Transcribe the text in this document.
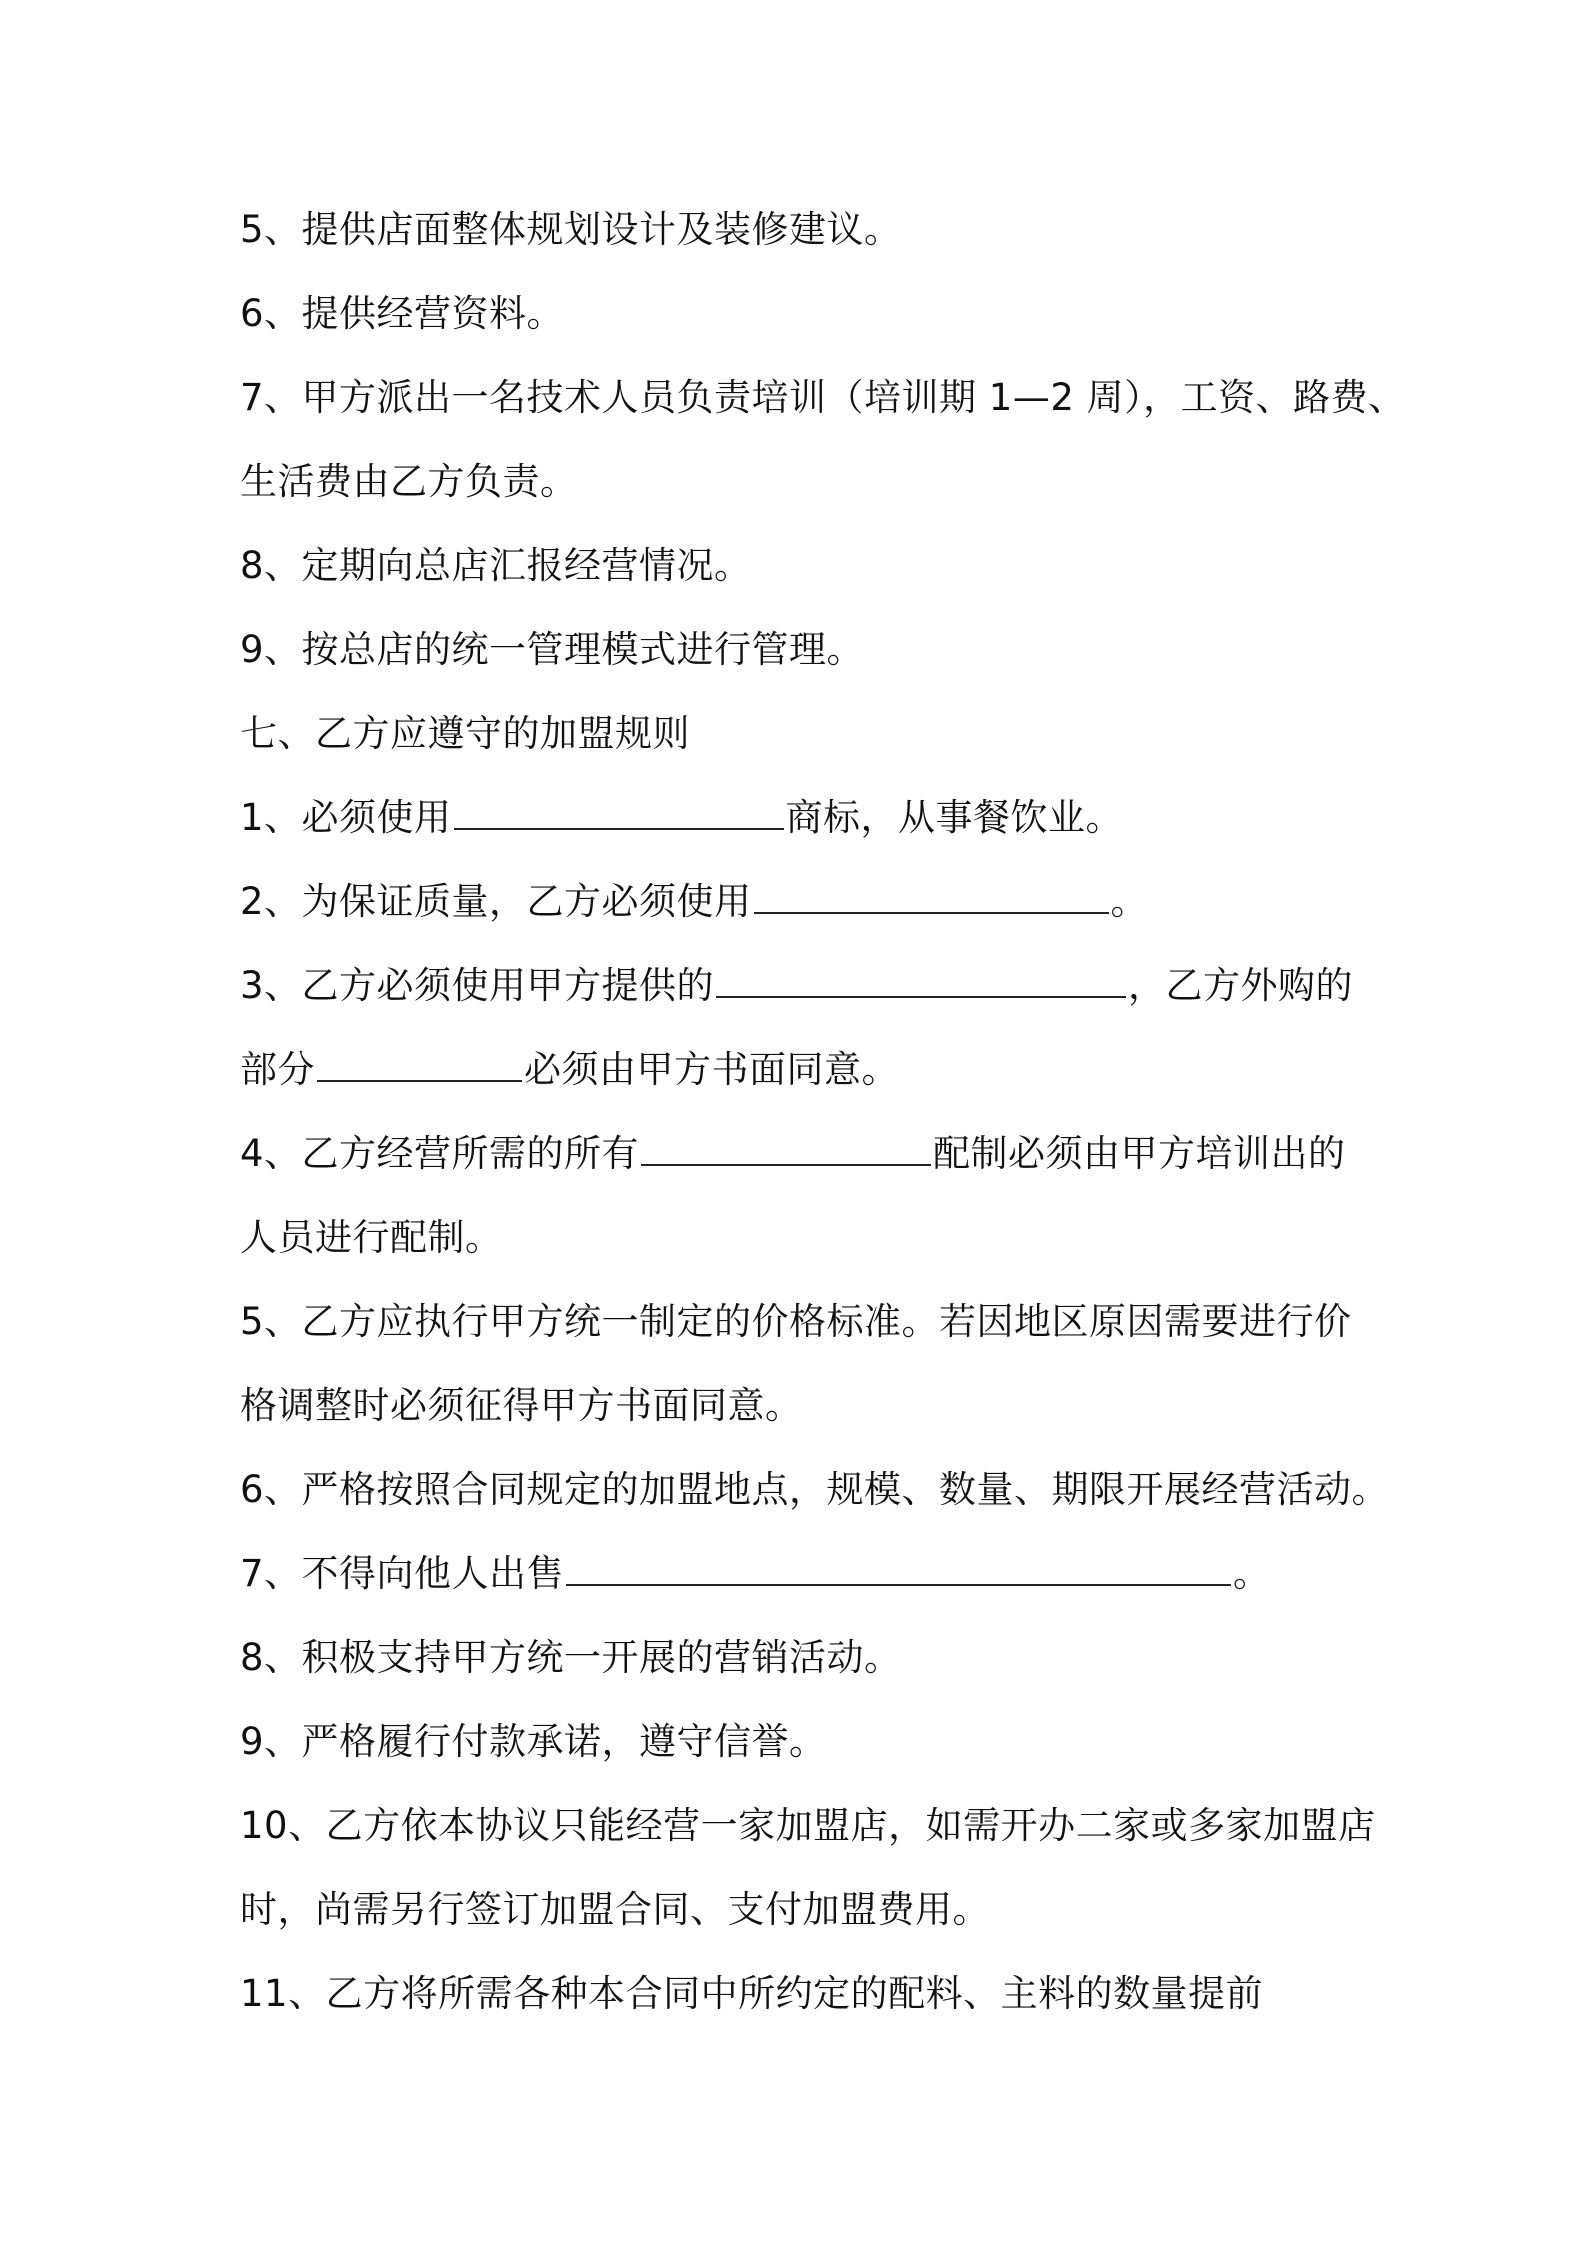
5、提供店面整体规划设计及装修建议。
6、提供经营资料。
7、甲方派出一名技术人员负责培训（培训期 1—2 周），工资、路费、
生活费由乙方负责。
8、定期向总店汇报经营情况。
9、按总店的统一管理模式进行管理。
七、乙方应遵守的加盟规则
1、必须使用	商标，从事餐饮业。
2、为保证质量，乙方必须使用	。
3、乙方必须使用甲方提供的	，乙方外购的
部分	必须由甲方书面同意。
4、乙方经营所需的所有	配制必须由甲方培训出的
人员进行配制。
5、乙方应执行甲方统一制定的价格标准。若因地区原因需要进行价
格调整时必须征得甲方书面同意。
6、严格按照合同规定的加盟地点，规模、数量、期限开展经营活动。
7、不得向他人出售	。
8、积极支持甲方统一开展的营销活动。
9、严格履行付款承诺，遵守信誉。
10、乙方依本协议只能经营一家加盟店，如需开办二家或多家加盟店
时，尚需另行签订加盟合同、支付加盟费用。
11、乙方将所需各种本合同中所约定的配料、主料的数量提前
